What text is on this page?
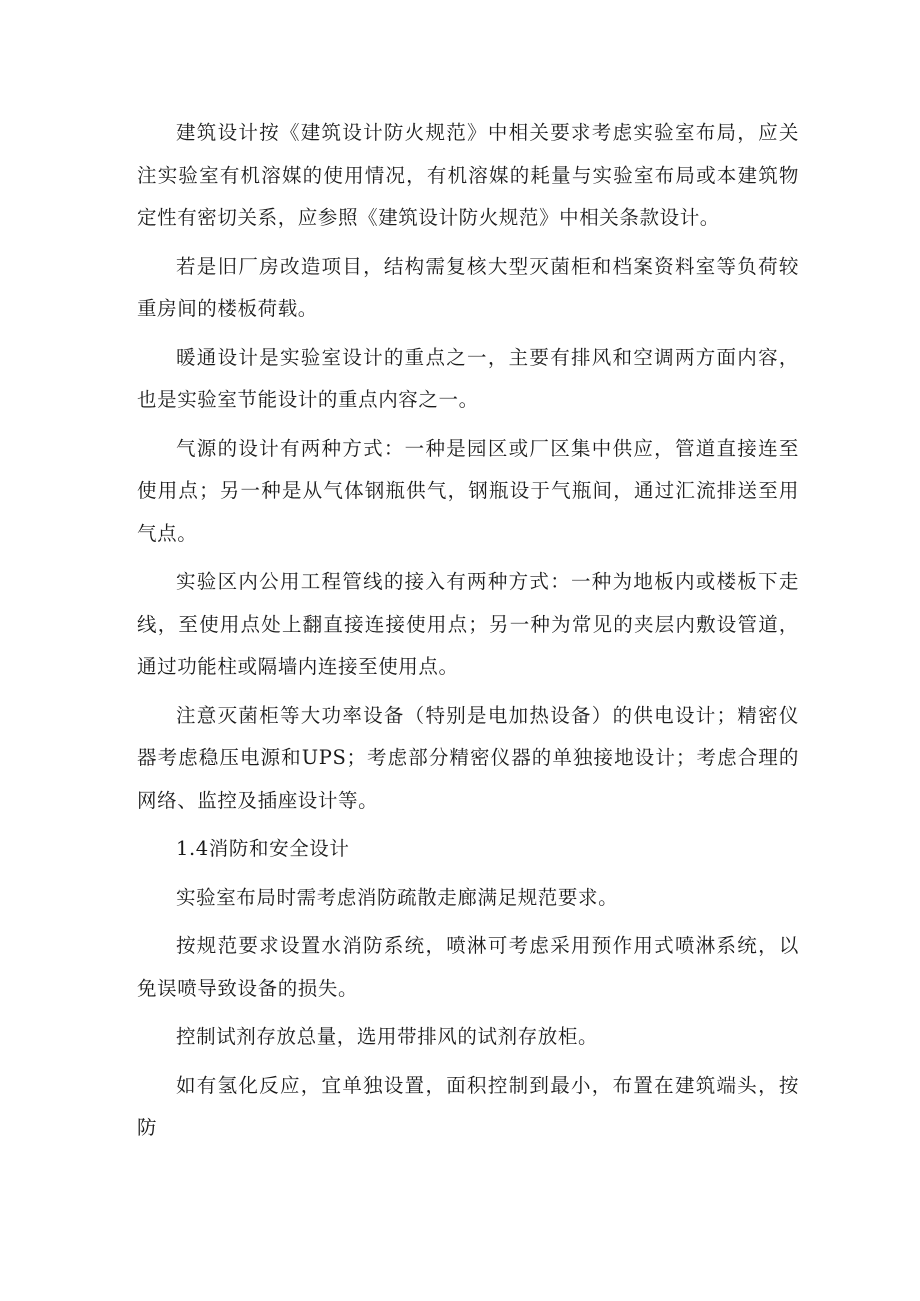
建筑设计按《建筑设计防火规范》中相关要求考虑实验室布局，应关注实验室有机溶媒的使用情况，有机溶媒的耗量与实验室布局或本建筑物定性有密切关系，应参照《建筑设计防火规范》中相关条款设计。

若是旧厂房改造项目，结构需复核大型灭菌柜和档案资料室等负荷较重房间的楼板荷载。

暖通设计是实验室设计的重点之一，主要有排风和空调两方面内容，也是实验室节能设计的重点内容之一。

气源的设计有两种方式：一种是园区或厂区集中供应，管道直接连至使用点；另一种是从气体钢瓶供气，钢瓶设于气瓶间，通过汇流排送至用气点。

实验区内公用工程管线的接入有两种方式：一种为地板内或楼板下走线，至使用点处上翻直接连接使用点；另一种为常见的夹层内敷设管道，通过功能柱或隔墙内连接至使用点。

注意灭菌柜等大功率设备（特别是电加热设备）的供电设计；精密仪器考虑稳压电源和UPS；考虑部分精密仪器的单独接地设计；考虑合理的网络、监控及插座设计等。

1.4消防和安全设计

实验室布局时需考虑消防疏散走廊满足规范要求。

按规范要求设置水消防系统，喷淋可考虑采用预作用式喷淋系统，以免误喷导致设备的损失。

控制试剂存放总量，选用带排风的试剂存放柜。

如有氢化反应，宜单独设置，面积控制到最小，布置在建筑端头，按防
